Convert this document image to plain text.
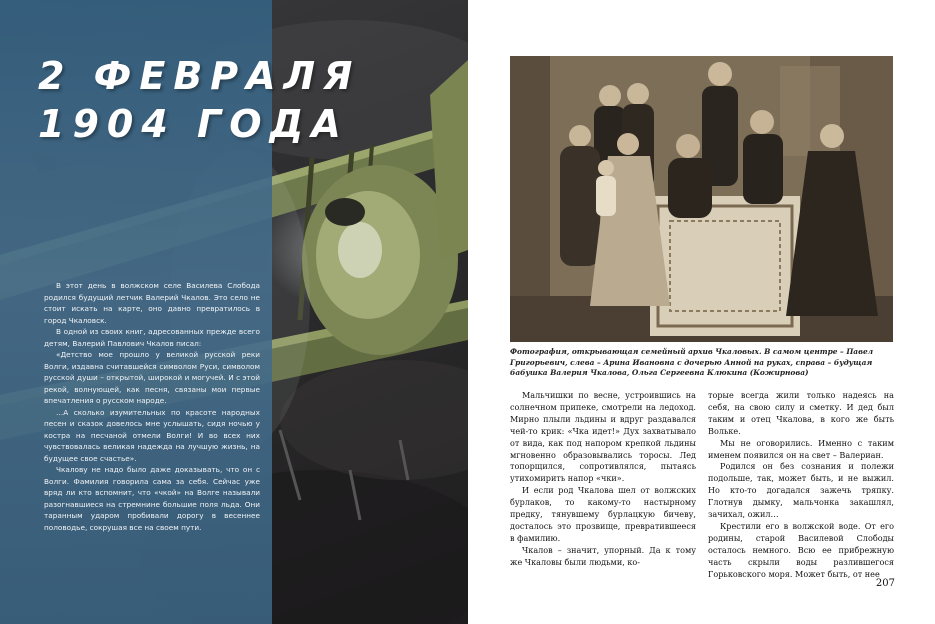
2 ФЕВРАЛЯ
1904 ГОДА

В этот день в волжском селе Василева Слобода родился будущий летчик Валерий Чкалов. Это село не стоит искать на карте, оно давно превратилось в город Чкаловск.

В одной из своих книг, адресованных прежде всего детям, Валерий Павлович Чкалов писал:

«Детство мое прошло у великой русской реки Волги, издавна считавшейся символом Руси, символом русской души – открытой, широкой и могучей. И с этой рекой, волнующей, как песня, связаны мои первые впечатления о русском народе.

…А сколько изумительных по красоте народных песен и сказок довелось мне услышать, сидя ночью у костра на песчаной отмели Волги! И во всех них чувствовалась великая надежда на лучшую жизнь, на будущее свое счастье».

Чкалову не надо было даже доказывать, что он с Волги. Фамилия говорила сама за себя. Сейчас уже вряд ли кто вспомнит, что «чкой» на Волге называли разогнавшиеся на стремнине большие поля льда. Они таранным ударом пробивали дорогу в весеннее половодье, сокрушая все на своем пути.

Фотография, открывающая семейный архив Чкаловых. В самом центре – Павел Григорьевич, слева – Арина Ивановна с дочерью Анной на руках, справа – будущая бабушка Валерия Чкалова, Ольга Сергеевна Клюкина (Кожирнова)

Мальчишки по весне, устроившись на солнечном припеке, смотрели на ледоход. Мирно плыли льдины и вдруг раздавался чей-то крик: «Чка идет!» Дух захватывало от вида, как под напором крепкой льдины мгновенно образовывались торосы. Лед топорщился, сопротивлялся, пытаясь утихомирить напор «чки».

И если род Чкалова шел от волжских бурлаков, то какому-то настырному предку, тянувшему бурлацкую бичеву, досталось это прозвище, превратившееся в фамилию.

Чкалов – значит, упорный. Да к тому же Чкаловы были людьми, ко-

торые всегда жили только надеясь на себя, на свою силу и сметку. И дед был таким и отец Чкалова, в кого же быть Вольке.

Мы не оговорились. Именно с таким именем появился он на свет – Валериан.

Родился он без сознания и полежи подольше, так, может быть, и не выжил. Но кто-то догадался зажечь тряпку. Глотнув дымку, мальчонка закашлял, зачихал, ожил…

Крестили его в волжской воде. От его родины, старой Василевой Слободы осталось немного. Всю ее прибрежную часть скрыли воды разлившегося Горьковского моря. Может быть, от нее

207
